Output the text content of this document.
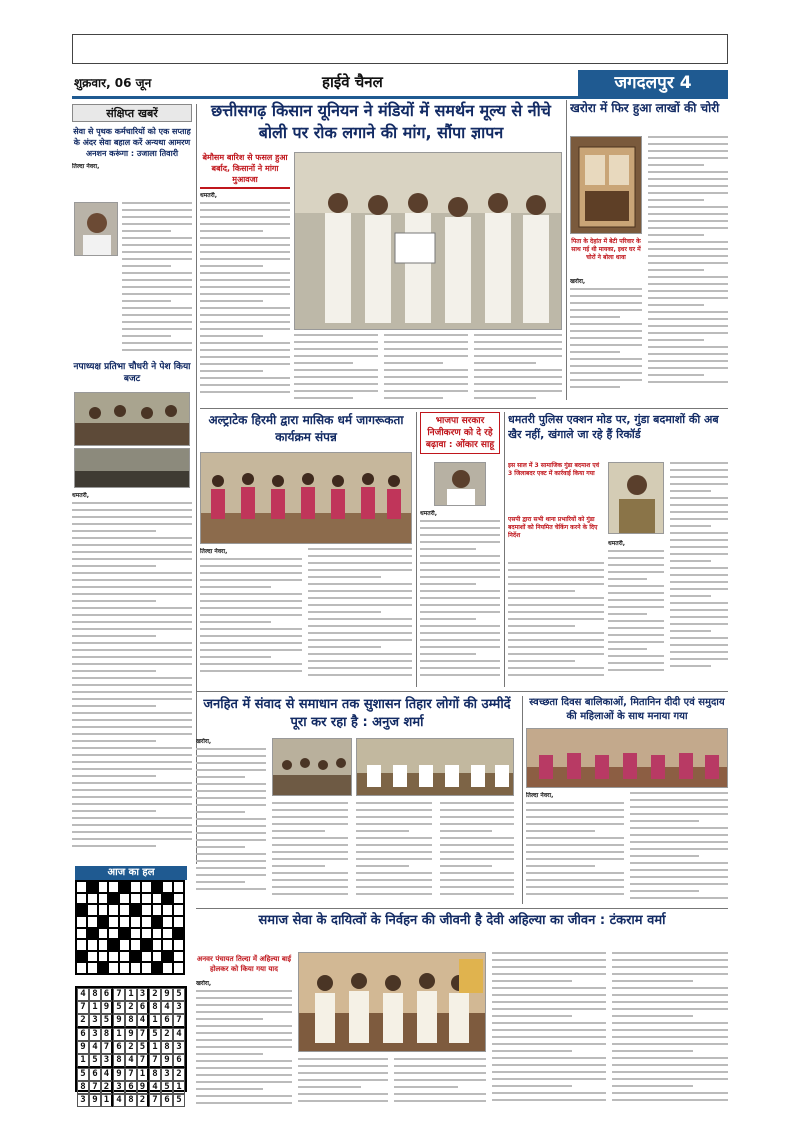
शुक्रवार, 06 जून	हाईवे चैनल	जगदलपुर 4
संक्षिप्त खबरें
सेवा से पृथक कर्मचारियों को एक सप्ताह के अंदर सेवा बहाल करें अन्यथा आमरण अनशन करूंगा : उजाला तिवारी
तिल्दा नेवरा,
नपाध्यक्ष प्रतिभा चौधरी ने पेश किया बजट
धमतरी,
छत्तीसगढ़ किसान यूनियन ने मंडियों में समर्थन मूल्य से नीचे बोली पर रोक लगाने की मांग, सौंपा ज्ञापन
बेमौसम बारिश से फसल हुआ बर्बाद, किसानों ने मांगा मुआवजा
धमतरी,
खरोरा में फिर हुआ लाखों की चोरी
पिता के देहांत में बेटी परिवार के साथ गई थी मायका, इधर घर में चोरों ने बोला धावा
खरोरा,
अल्ट्राटेक हिरमी द्वारा मासिक धर्म जागरूकता कार्यक्रम संपन्न
तिल्दा नेवरा,
भाजपा सरकार निजीकरण को दे रहे बढ़ावा : ओंकार साहू
धमतरी,
धमतरी पुलिस एक्शन मोड पर, गुंडा बदमाशों की अब खैर नहीं, खंगाले जा रहे हैं रिकॉर्ड
इस साल में 3 सामाजिक गुंडा बदमाश एवं 3 जिलाबदर एक्ट में कार्रवाई किया गया
एसपी द्वारा सभी थाना प्रभारियों को गुंडा बदमाशों को नियमित चेकिंग करने के दिए निर्देश
धमतरी,
जनहित में संवाद से समाधान तक सुशासन तिहार लोगों की उम्मीदें पूरा कर रहा है : अनुज शर्मा
खरोरा,
स्वच्छता दिवस बालिकाओं, मितानिन दीदी एवं समुदाय की महिलाओं के साथ मनाया गया
तिल्दा नेवरा,
आज का हल
4 8 6 7 1 3 2 9 5
7 1 9 5 2 6 8 4 3
2 3 5 9 8 4 1 6 7
6 3 8 1 9 7 5 2 4
9 4 7 6 2 5 1 8 3
1 5 3 8 4 7 7 9 6
5 6 4 9 7 1 8 3 2
8 7 2 3 6 9 4 5 1
3 9 1 4 8 2 7 6 5
समाज सेवा के दायित्वों के निर्वहन की जीवनी है देवी अहिल्या का जीवन : टंकराम वर्मा
अनवर पंचायत तिल्दा में अहिल्या बाई होलकर को किया गया याद
खरोरा,
